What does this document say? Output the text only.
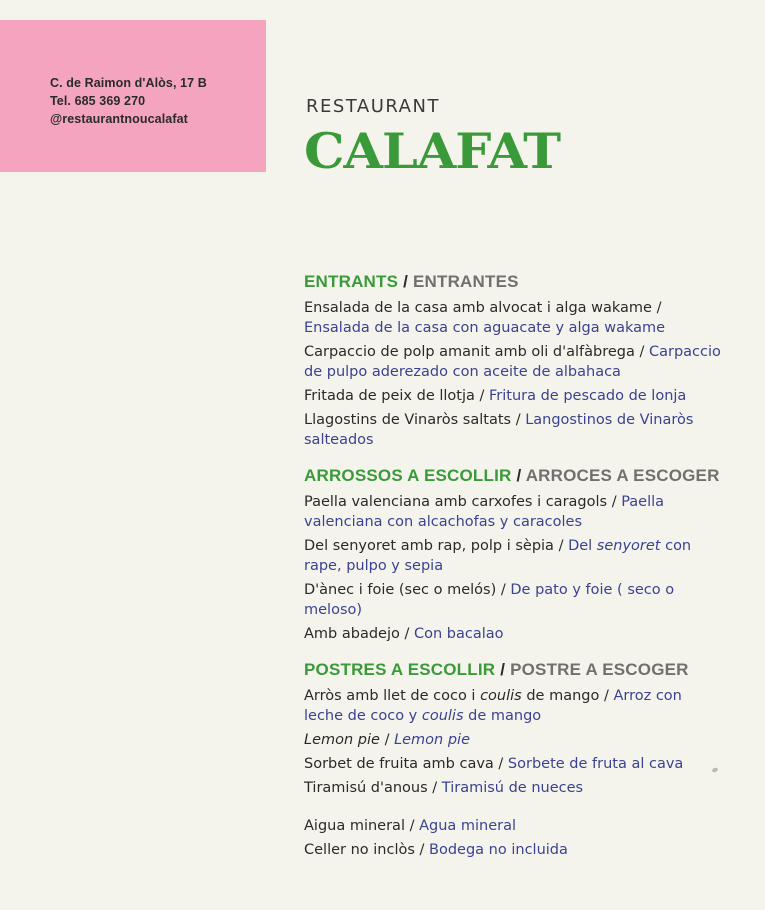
C. de Raimon d'Alòs, 17 B
Tel. 685 369 270
@restaurantnoucalafat
RESTAURANT
CALAFAT
ENTRANTS / ENTRANTES
Ensalada de la casa amb alvocat i alga wakame / Ensalada de la casa con aguacate y alga wakame
Carpaccio de polp amanit amb oli d'alfàbrega / Carpaccio de pulpo aderezado con aceite de albahaca
Fritada de peix de llotja / Fritura de pescado de lonja
Llagostins de Vinaròs saltats / Langostinos de Vinaròs salteados
ARROSSOS A ESCOLLIR / ARROCES A ESCOGER
Paella valenciana amb carxofes i caragols / Paella valenciana con alcachofas y caracoles
Del senyoret amb rap, polp i sèpia / Del senyoret con rape, pulpo y sepia
D'ànec i foie (sec o melós) / De pato y foie ( seco o meloso)
Amb abadejo / Con bacalao
POSTRES A ESCOLLIR / POSTRE A ESCOGER
Arròs amb llet de coco i coulis de mango / Arroz con leche de coco y coulis de mango
Lemon pie / Lemon pie
Sorbet de fruita amb cava / Sorbete de fruta al cava
Tiramisú d'anous / Tiramisú de nueces
Aigua mineral / Agua mineral
Celler no inclòs / Bodega no incluida
